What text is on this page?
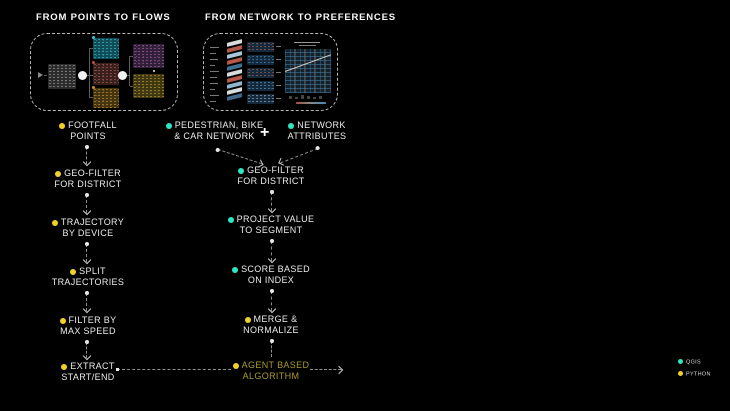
FROM POINTS TO FLOWS	FROM NETWORK TO PREFERENCES
FOOTFALL
POINTS
GEO-FILTER
FOR DISTRICT
TRAJECTORY
BY DEVICE
SPLIT
TRAJECTORIES
FILTER BY
MAX SPEED
EXTRACT
START/END
PEDESTRIAN, BIKE
& CAR NETWORK +	NETWORK
ATTRIBUTES
GEO-FILTER
FOR DISTRICT
PROJECT VALUE
TO SEGMENT
SCORE BASED
ON INDEX
MERGE &
NORMALIZE
AGENT BASED
ALGORITHM
QGIS
PYTHON
